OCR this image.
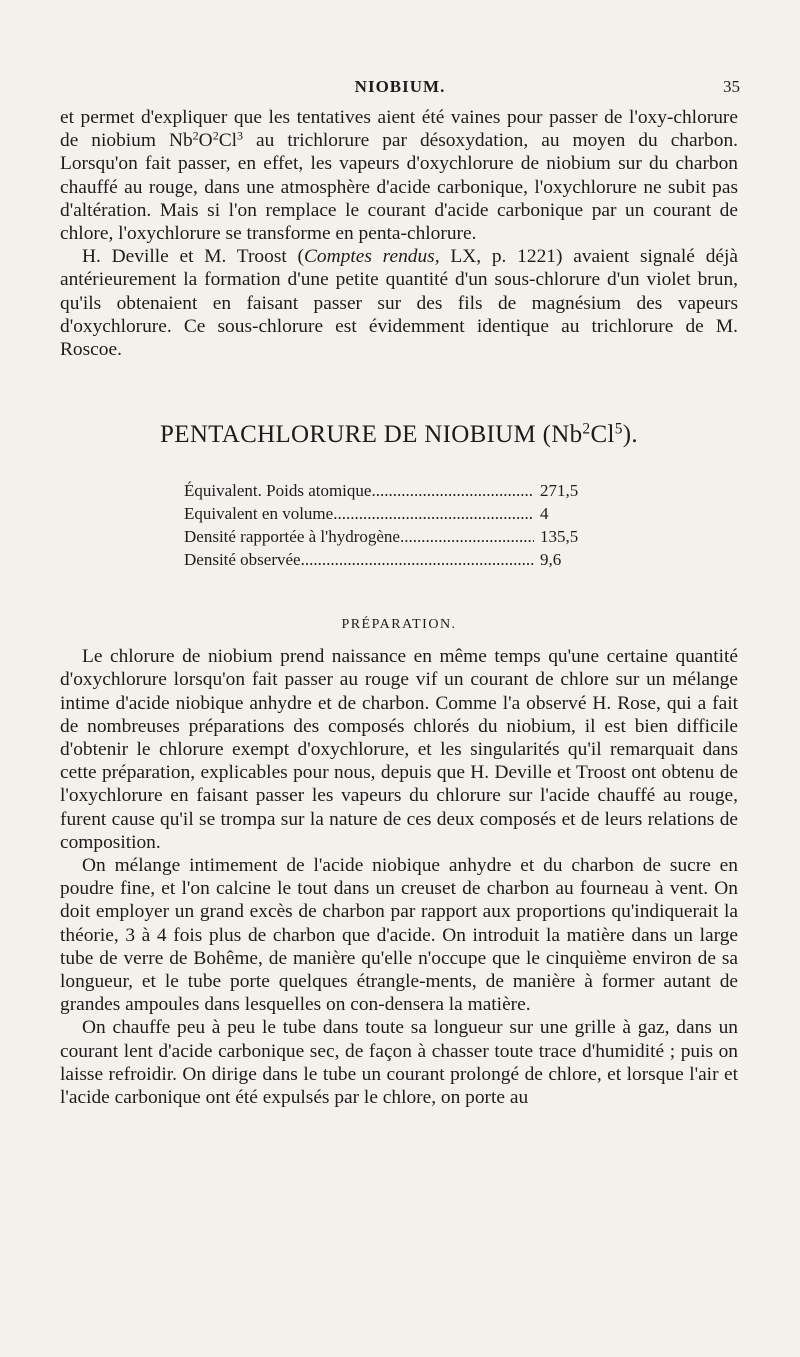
NIOBIUM.	35

et permet d'expliquer que les tentatives aient été vaines pour passer de l'oxy-chlorure de niobium $Nb^2O^2Cl^3$ au trichlorure par désoxydation, au moyen du charbon. Lorsqu'on fait passer, en effet, les vapeurs d'oxychlorure de niobium sur du charbon chauffé au rouge, dans une atmosphère d'acide carbonique, l'oxychlorure ne subit pas d'altération. Mais si l'on remplace le courant d'acide carbonique par un courant de chlore, l'oxychlorure se transforme en penta-chlorure.

H. Deville et M. Troost (Comptes rendus, LX, p. 1221) avaient signalé déjà antérieurement la formation d'une petite quantité d'un sous-chlorure d'un violet brun, qu'ils obtenaient en faisant passer sur des fils de magnésium des vapeurs d'oxychlorure. Ce sous-chlorure est évidemment identique au trichlorure de M. Roscoe.

PENTACHLORURE DE NIOBIUM (Nb$^2$Cl$^5$).
Équivalent. Poids atomique .....	271,5
Equivalent en volume .....	4
Densité rapportée à l'hydrogène .....	135,5
Densité observée .....	9,6
PRÉPARATION.

Le chlorure de niobium prend naissance en même temps qu'une certaine quantité d'oxychlorure lorsqu'on fait passer au rouge vif un courant de chlore sur un mélange intime d'acide niobique anhydre et de charbon. Comme l'a observé H. Rose, qui a fait de nombreuses préparations des composés chlorés du niobium, il est bien difficile d'obtenir le chlorure exempt d'oxychlorure, et les singularités qu'il remarquait dans cette préparation, explicables pour nous, depuis que H. Deville et Troost ont obtenu de l'oxychlorure en faisant passer les vapeurs du chlorure sur l'acide chauffé au rouge, furent cause qu'il se trompa sur la nature de ces deux composés et de leurs relations de composition.

On mélange intimement de l'acide niobique anhydre et du charbon de sucre en poudre fine, et l'on calcine le tout dans un creuset de charbon au fourneau à vent. On doit employer un grand excès de charbon par rapport aux proportions qu'indiquerait la théorie, 3 à 4 fois plus de charbon que d'acide. On introduit la matière dans un large tube de verre de Bohême, de manière qu'elle n'occupe que le cinquième environ de sa longueur, et le tube porte quelques étrangle-ments, de manière à former autant de grandes ampoules dans lesquelles on con-densera la matière.

On chauffe peu à peu le tube dans toute sa longueur sur une grille à gaz, dans un courant lent d'acide carbonique sec, de façon à chasser toute trace d'humidité ; puis on laisse refroidir. On dirige dans le tube un courant prolongé de chlore, et lorsque l'air et l'acide carbonique ont été expulsés par le chlore, on porte au
